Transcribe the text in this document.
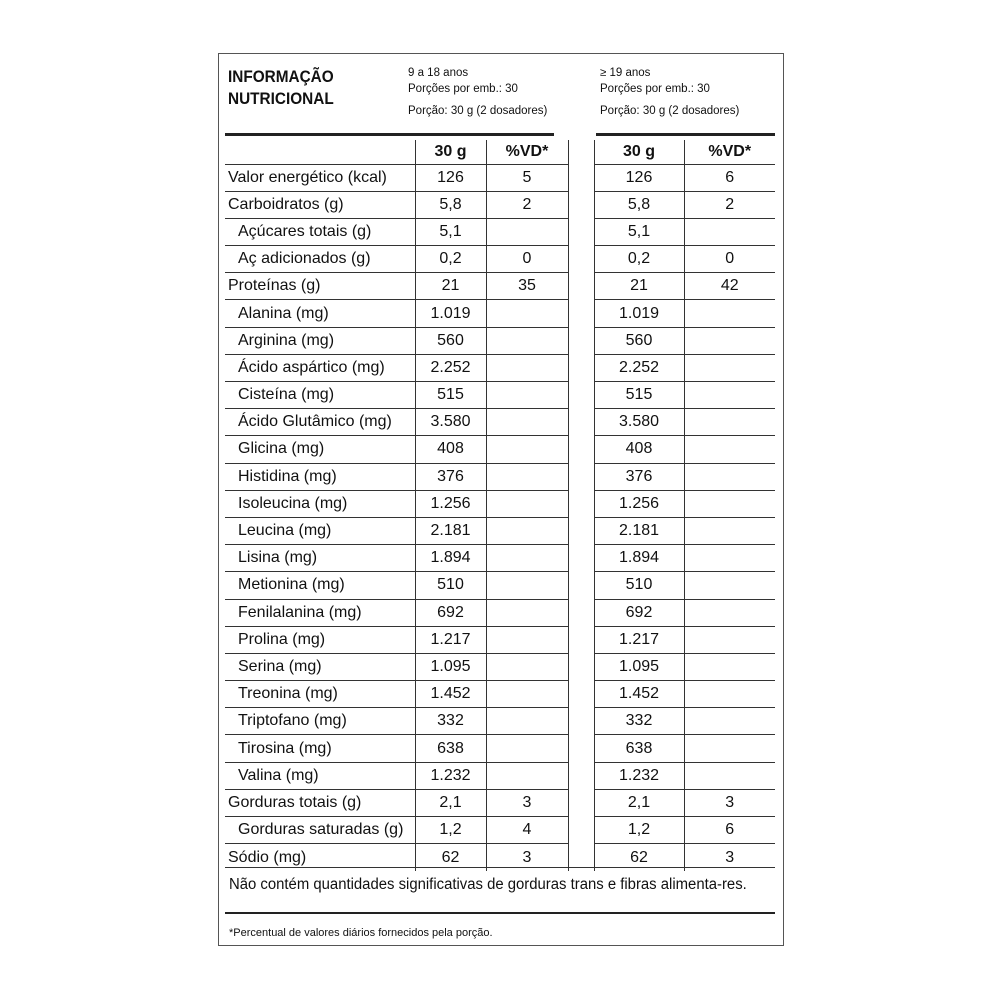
INFORMAÇÃO
NUTRICIONAL
9 a 18 anos
Porções por emb.: 30
Porção: 30 g (2 dosadores)
≥ 19 anos
Porções por emb.: 30
Porção: 30 g (2 dosadores)
	30 g	%VD*		30 g	%VD*
Valor energético (kcal)	126	5		126	6
Carboidratos (g)	5,8	2		5,8	2
Açúcares totais (g)	5,1			5,1	
Aç adicionados (g)	0,2	0		0,2	0
Proteínas (g)	21	35		21	42
Alanina (mg)	1.019			1.019	
Arginina (mg)	560			560	
Ácido aspártico (mg)	2.252			2.252	
Cisteína (mg)	515			515	
Ácido Glutâmico (mg)	3.580			3.580	
Glicina (mg)	408			408	
Histidina (mg)	376			376	
Isoleucina (mg)	1.256			1.256	
Leucina (mg)	2.181			2.181	
Lisina (mg)	1.894			1.894	
Metionina (mg)	510			510	
Fenilalanina (mg)	692			692	
Prolina (mg)	1.217			1.217	
Serina (mg)	1.095			1.095	
Treonina (mg)	1.452			1.452	
Triptofano (mg)	332			332	
Tirosina (mg)	638			638	
Valina (mg)	1.232			1.232	
Gorduras totais (g)	2,1	3		2,1	3
Gorduras saturadas (g)	1,2	4		1,2	6
Sódio (mg)	62	3		62	3
Não contém quantidades significativas de gorduras trans e fibras alimenta-res.
*Percentual de valores diários fornecidos pela porção.
